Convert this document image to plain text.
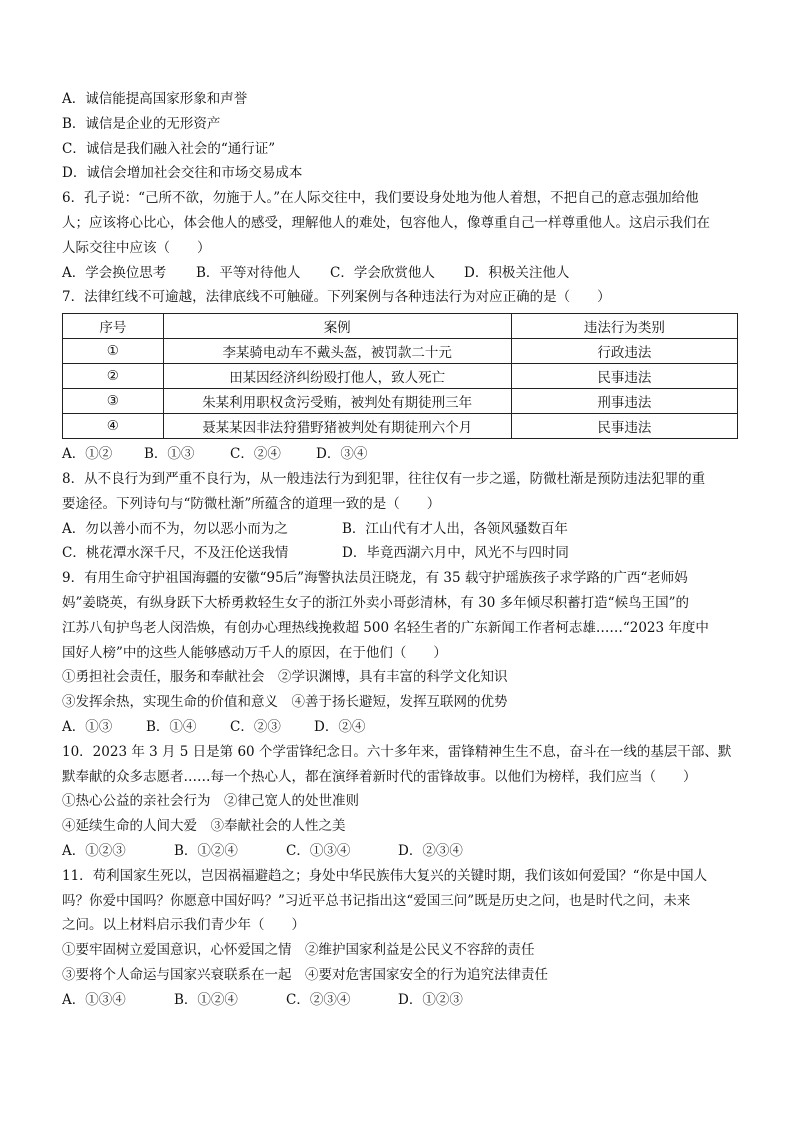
A．诚信能提高国家形象和声誉
B．诚信是企业的无形资产
C．诚信是我们融入社会的“通行证”
D．诚信会增加社会交往和市场交易成本
6．孔子说：“己所不欲，勿施于人。”在人际交往中，我们要设身处地为他人着想，不把自己的意志强加给他
人；应该将心比心，体会他人的感受，理解他人的难处，包容他人，像尊重自己一样尊重他人。这启示我们在
人际交往中应该（　　）
A．学会换位思考	B．平等对待他人	C．学会欣赏他人	D．积极关注他人
7．法律红线不可逾越，法律底线不可触碰。下列案例与各种违法行为对应正确的是（　　）
序号	案例	违法行为类别
①	李某骑电动车不戴头盔，被罚款二十元	行政违法
②	田某因经济纠纷殴打他人，致人死亡	民事违法
③	朱某利用职权贪污受贿，被判处有期徒刑三年	刑事违法
④	聂某某因非法狩猎野猪被判处有期徒刑六个月	民事违法
A．①②	B．①③	C．②④	D．③④
8．从不良行为到严重不良行为，从一般违法行为到犯罪，往往仅有一步之遥，防微杜渐是预防违法犯罪的重
要途径。下列诗句与“防微杜渐”所蕴含的道理一致的是（　　）
A．勿以善小而不为，勿以恶小而为之	B．江山代有才人出，各领风骚数百年
C．桃花潭水深千尺，不及汪伦送我情	D．毕竟西湖六月中，风光不与四时同
9．有用生命守护祖国海疆的安徽“95后”海警执法员汪晓龙，有 35 载守护瑶族孩子求学路的广西“老师妈
妈”姜晓英，有纵身跃下大桥勇救轻生女子的浙江外卖小哥彭清林，有 30 多年倾尽积蓄打造“候鸟王国”的
江苏八旬护鸟老人闵浩焕，有创办心理热线挽救超 500 名轻生者的广东新闻工作者柯志雄……“2023 年度中
国好人榜”中的这些人能够感动万千人的原因，在于他们（　　）
①勇担社会责任，服务和奉献社会　②学识渊博，具有丰富的科学文化知识
③发挥余热，实现生命的价值和意义　④善于扬长避短，发挥互联网的优势
A．①③	B．①④	C．②③	D．②④
10．2023 年 3 月 5 日是第 60 个学雷锋纪念日。六十多年来，雷锋精神生生不息，奋斗在一线的基层干部、默
默奉献的众多志愿者……每一个热心人，都在演绎着新时代的雷锋故事。以他们为榜样，我们应当（　　）
①热心公益的亲社会行为　②律己宽人的处世准则
④延续生命的人间大爱　③奉献社会的人性之美
A．①②③	B．①②④	C．①③④	D．②③④
11．苟利国家生死以，岂因祸福避趋之；身处中华民族伟大复兴的关键时期，我们该如何爱国？“你是中国人
吗？你爱中国吗？你愿意中国好吗？”习近平总书记指出这“爱国三问”既是历史之问，也是时代之问，未来
之问。以上材料启示我们青少年（　　）
①要牢固树立爱国意识，心怀爱国之情　②维护国家利益是公民义不容辞的责任
③要将个人命运与国家兴衰联系在一起　④要对危害国家安全的行为追究法律责任
A．①③④	B．①②④	C．②③④	D．①②③
